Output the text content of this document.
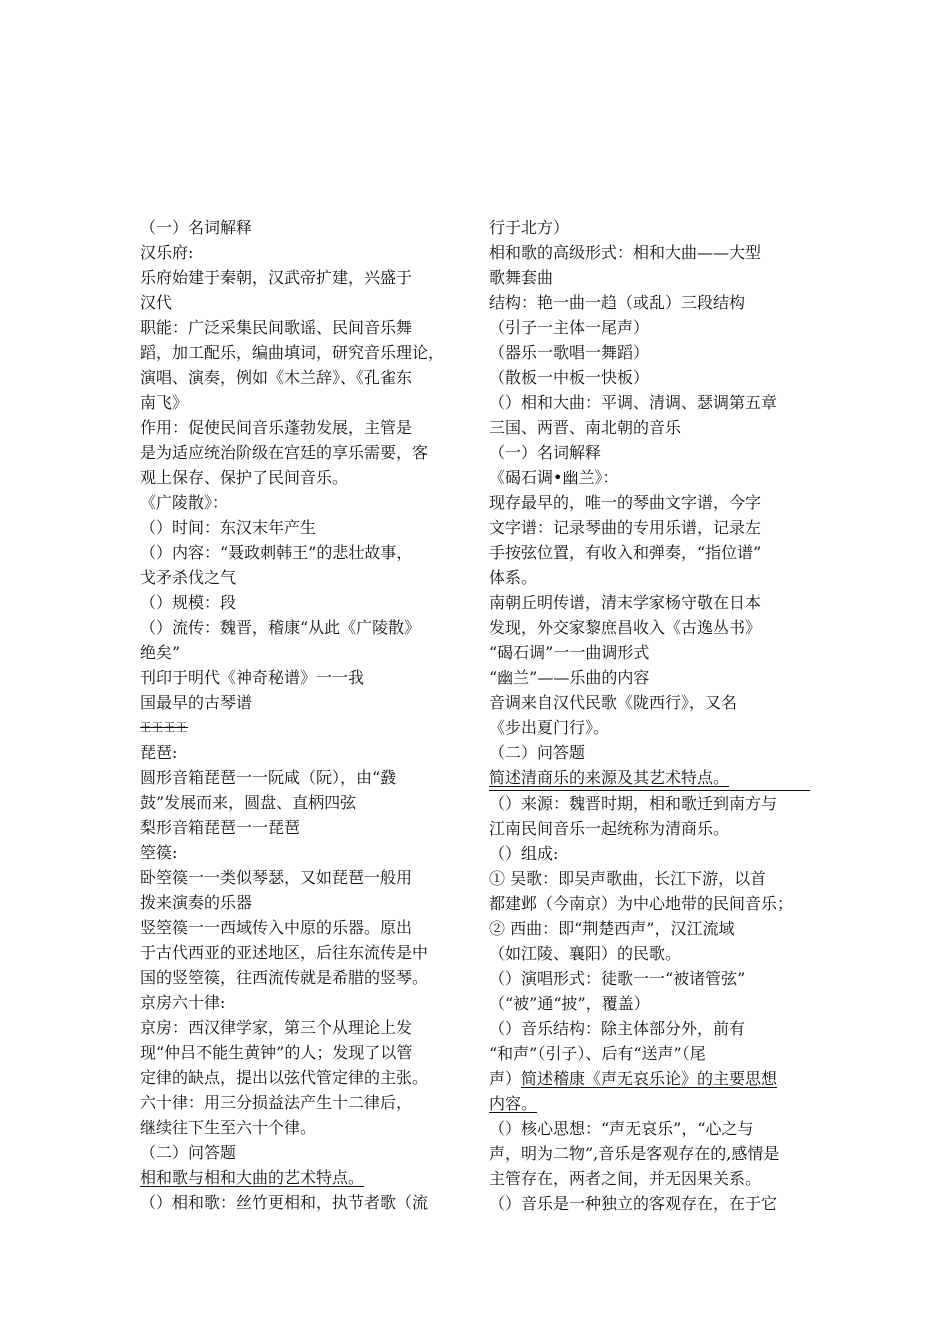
（一）名词解释
汉乐府:
乐府始建于秦朝，汉武帝扩建，兴盛于
汉代
职能：广泛采集民间歌谣、民间音乐舞
蹈，加工配乐，编曲填词，研究音乐理论，
演唱、演奏，例如《木兰辞》、《孔雀东
南飞》
作用：促使民间音乐蓬勃发展，主管是
是为适应统治阶级在宫廷的享乐需要，客
观上保存、保护了民间音乐。
《广陵散》：
（）时间：东汉末年产生
（）内容：“聂政刺韩王”的悲壮故事，
戈矛杀伐之气
（）规模：段
（）流传：魏晋，稽康“从此《广陵散》
绝矣”
刊印于明代《神奇秘谱》一一我
国最早的古琴谱
王王王王
琵琶:
圆形音箱琵琶一一阮咸（阮），由“鼗
鼓”发展而来，圆盘、直柄四弦
梨形音箱琵琶一一琵琶
箜篌:
卧箜篌一一类似琴瑟，又如琵琶一般用
拨来演奏的乐器
竖箜篌一一西域传入中原的乐器。原出
于古代西亚的亚述地区，后往东流传是中
国的竖箜篌，往西流传就是希腊的竖琴。
京房六十律:
京房：西汉律学家，第三个从理论上发
现“仲吕不能生黄钟”的人；发现了以管
定律的缺点，提出以弦代管定律的主张。
六十律：用三分损益法产生十二律后，
继续往下生至六十个律。
（二）问答题
相和歌与相和大曲的艺术特点。
（）相和歌：丝竹更相和，执节者歌（流
行于北方）
相和歌的高级形式：相和大曲——大型
歌舞套曲
结构：艳一曲一趋（或乱）三段结构
（引子一主体一尾声）
（器乐一歌唱一舞蹈）
（散板一中板一快板）
（）相和大曲：平调、清调、瑟调第五章
三国、两晋、南北朝的音乐
（一）名词解释
《碣石调•幽兰》：
现存最早的，唯一的琴曲文字谱，今字
文字谱：记录琴曲的专用乐谱，记录左
手按弦位置，有收入和弹奏，“指位谱”
体系。
南朝丘明传谱，清末学家杨守敬在日本
发现，外交家黎庶昌收入《古逸丛书》
“碣石调”一一曲调形式
“幽兰”——乐曲的内容
音调来自汉代民歌《陇西行》，又名
《步出夏门行》。
（二）问答题
简述清商乐的来源及其艺术特点。
（）来源：魏晋时期，相和歌迁到南方与
江南民间音乐一起统称为清商乐。
（）组成:
① 吴歌：即吴声歌曲，长江下游，以首
都建邺（今南京）为中心地带的民间音乐；
② 西曲：即“荆楚西声”，汉江流域
（如江陵、襄阳）的民歌。
（）演唱形式：徒歌一一“被诸管弦”
（“被”通“披”，覆盖）
（）音乐结构：除主体部分外，前有
“和声”（引子）、后有“送声”（尾
声）简述稽康《声无哀乐论》的主要思想
内容。
（）核心思想：“声无哀乐”，“心之与
声，明为二物”,音乐是客观存在的,感情是
主管存在，两者之间，并无因果关系。
（）音乐是一种独立的客观存在，在于它
